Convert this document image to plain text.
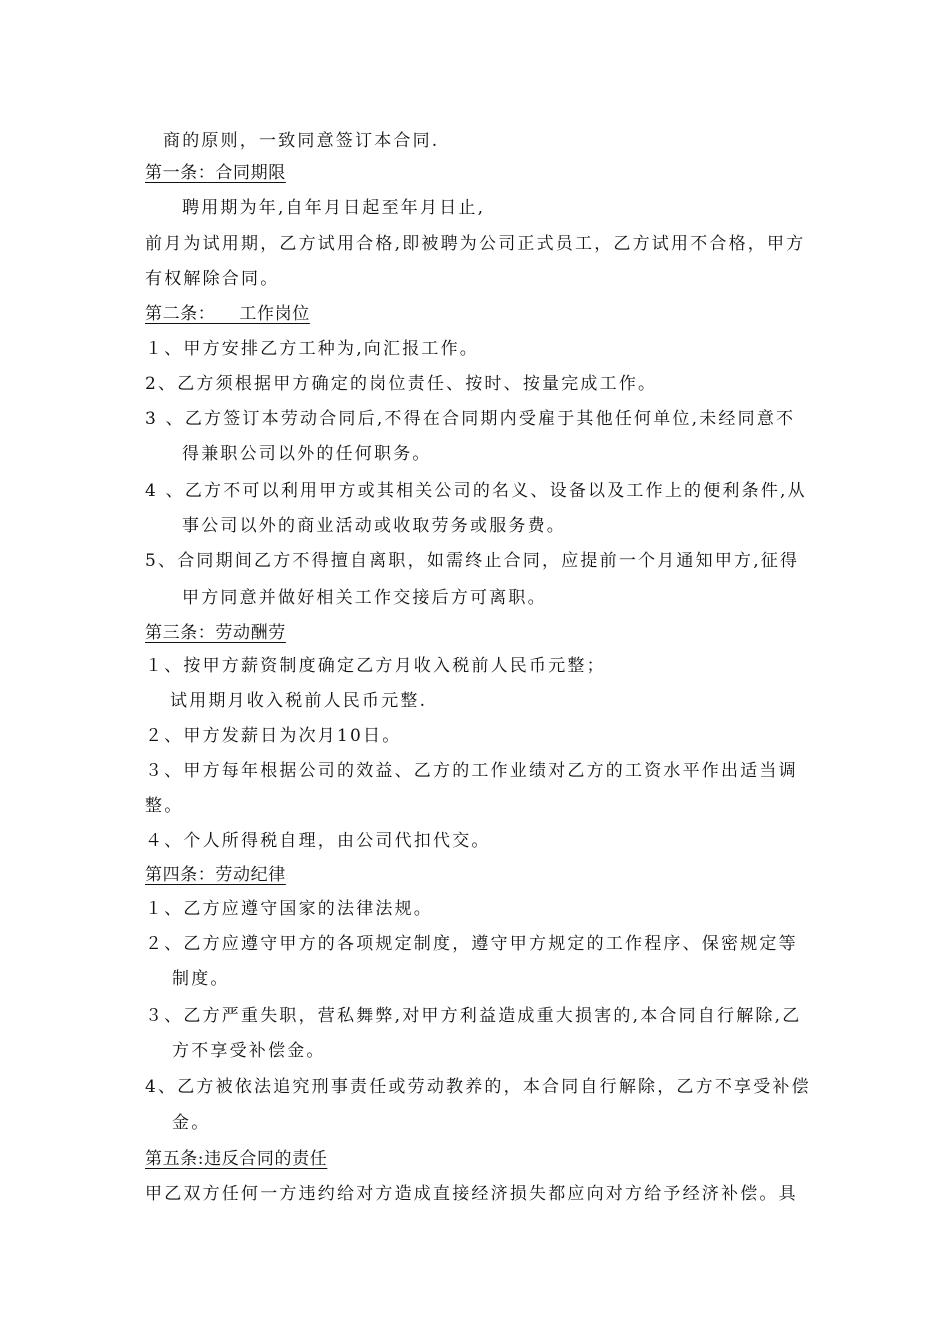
商的原则，一致同意签订本合同.
第一条：合同期限
聘用期为年,自年月日起至年月日止,
前月为试用期，乙方试用合格,即被聘为公司正式员工，乙方试用不合格，甲方
有权解除合同。
第二条：    工作岗位
１、甲方安排乙方工种为,向汇报工作。
2、乙方须根据甲方确定的岗位责任、按时、按量完成工作。
3 、乙方签订本劳动合同后,不得在合同期内受雇于其他任何单位,未经同意不
得兼职公司以外的任何职务。
4 、乙方不可以利用甲方或其相关公司的名义、设备以及工作上的便利条件,从
事公司以外的商业活动或收取劳务或服务费。
5、合同期间乙方不得擅自离职，如需终止合同，应提前一个月通知甲方,征得
甲方同意并做好相关工作交接后方可离职。
第三条：劳动酬劳
１、按甲方薪资制度确定乙方月收入税前人民币元整；
试用期月收入税前人民币元整.
２、甲方发薪日为次月10日。
３、甲方每年根据公司的效益、乙方的工作业绩对乙方的工资水平作出适当调
整。
４、个人所得税自理，由公司代扣代交。
第四条：劳动纪律
１、乙方应遵守国家的法律法规。
２、乙方应遵守甲方的各项规定制度，遵守甲方规定的工作程序、保密规定等
制度。
３、乙方严重失职，营私舞弊,对甲方利益造成重大损害的,本合同自行解除,乙
方不享受补偿金。
4、乙方被依法追究刑事责任或劳动教养的，本合同自行解除，乙方不享受补偿
金。
第五条:违反合同的责任
甲乙双方任何一方违约给对方造成直接经济损失都应向对方给予经济补偿。具
